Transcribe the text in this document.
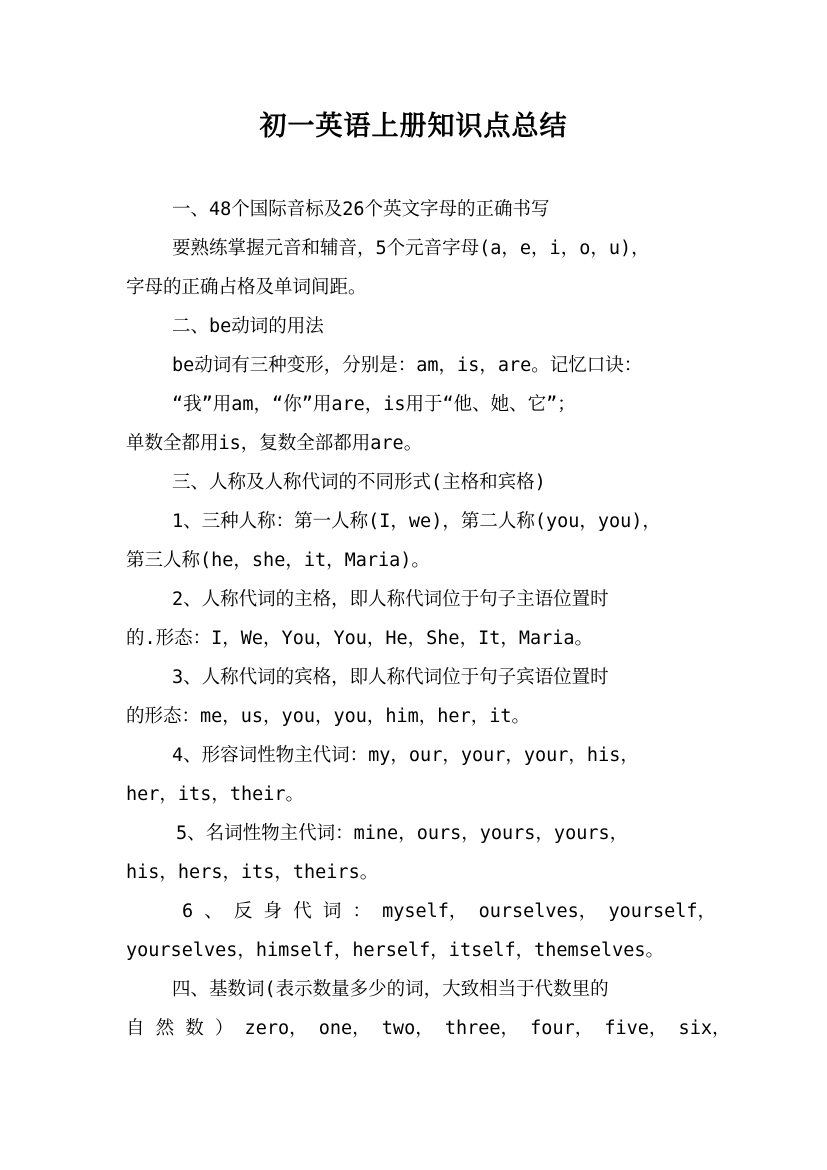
初一英语上册知识点总结
一、48个国际音标及26个英文字母的正确书写
要熟练掌握元音和辅音，5个元音字母(a，e，i，o，u)，
字母的正确占格及单词间距。
二、be动词的用法
be动词有三种变形，分别是：am，is，are。记忆口诀：
“我”用am，“你”用are，is用于“他、她、它”；
单数全都用is，复数全部都用are。
三、人称及人称代词的不同形式(主格和宾格)
1、三种人称：第一人称(I，we)，第二人称(you，you)，
第三人称(he，she，it，Maria)。
2、人称代词的主格，即人称代词位于句子主语位置时
的.形态：I，We，You，You，He，She，It，Maria。
3、人称代词的宾格，即人称代词位于句子宾语位置时
的形态：me，us，you，you，him，her，it。
4、形容词性物主代词：my，our，your，your，his，
her，its，their。
5、名词性物主代词：mine，ours，yours，yours，
his，hers，its，theirs。
6 、 反 身 代 词 ： myself， ourselves， yourself，
yourselves，himself，herself，itself，themselves。
四、基数词(表示数量多少的词，大致相当于代数里的
自 然 数 ） zero， one， two， three， four， five， six，
